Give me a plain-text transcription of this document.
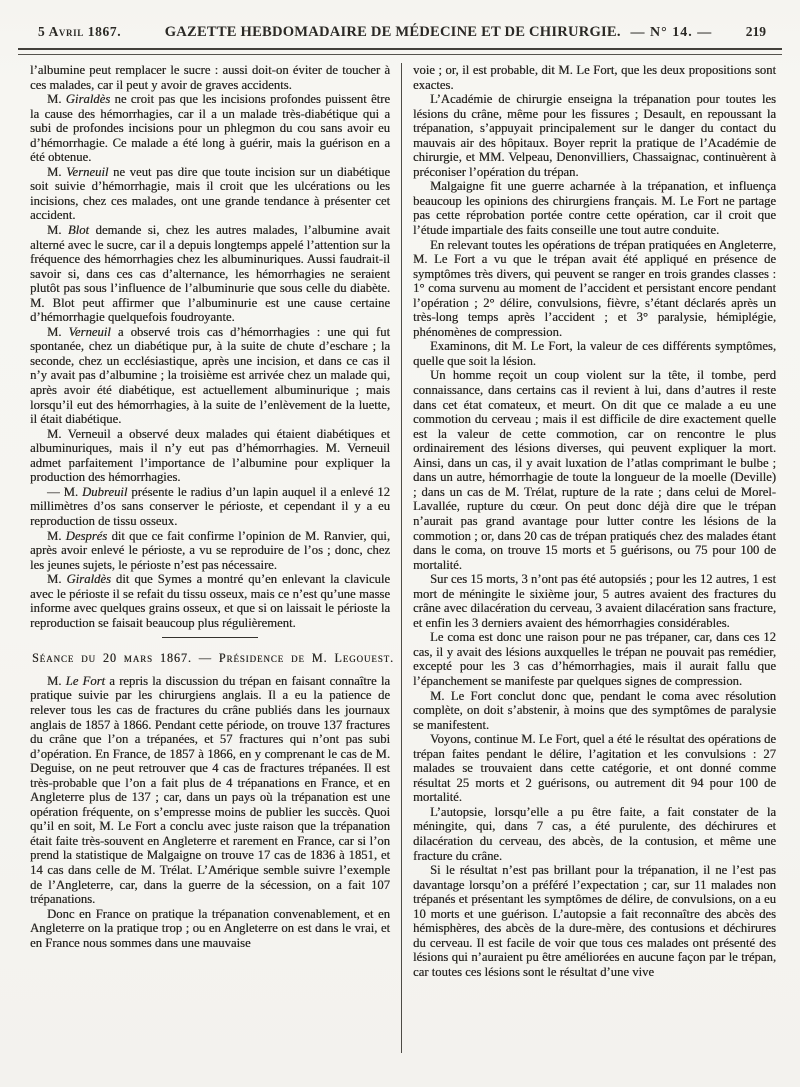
5 Avril 1867.	GAZETTE HEBDOMADAIRE DE MÉDECINE ET DE CHIRURGIE. — N° 14. —	219

l’albumine peut remplacer le sucre : aussi doit-on éviter de toucher à ces malades, car il peut y avoir de graves accidents.

M. Giraldès ne croit pas que les incisions profondes puissent être la cause des hémorrhagies, car il a un malade très-diabétique qui a subi de profondes incisions pour un phlegmon du cou sans avoir eu d’hémorrhagie. Ce malade a été long à guérir, mais la guérison en a été obtenue.

M. Verneuil ne veut pas dire que toute incision sur un diabétique soit suivie d’hémorrhagie, mais il croit que les ulcérations ou les incisions, chez ces malades, ont une grande tendance à présenter cet accident.

M. Blot demande si, chez les autres malades, l’albumine avait alterné avec le sucre, car il a depuis longtemps appelé l’attention sur la fréquence des hémorrhagies chez les albuminuriques. Aussi faudrait-il savoir si, dans ces cas d’alternance, les hémorrhagies ne seraient plutôt pas sous l’influence de l’albuminurie que sous celle du diabète. M. Blot peut affirmer que l’albuminurie est une cause certaine d’hémorrhagie quelquefois foudroyante.

M. Verneuil a observé trois cas d’hémorrhagies : une qui fut spontanée, chez un diabétique pur, à la suite de chute d’eschare ; la seconde, chez un ecclésiastique, après une incision, et dans ce cas il n’y avait pas d’albumine ; la troisième est arrivée chez un malade qui, après avoir été diabétique, est actuellement albuminurique ; mais lorsqu’il eut des hémorrhagies, à la suite de l’enlèvement de la luette, il était diabétique.

M. Verneuil a observé deux malades qui étaient diabétiques et albuminuriques, mais il n’y eut pas d’hémorrhagies. M. Verneuil admet parfaitement l’importance de l’albumine pour expliquer la production des hémorrhagies.

— M. Dubreuil présente le radius d’un lapin auquel il a enlevé 12 millimètres d’os sans conserver le périoste, et cependant il y a eu reproduction de tissu osseux.

M. Després dit que ce fait confirme l’opinion de M. Ranvier, qui, après avoir enlevé le périoste, a vu se reproduire de l’os ; donc, chez les jeunes sujets, le périoste n’est pas nécessaire.

M. Giraldès dit que Symes a montré qu’en enlevant la clavicule avec le périoste il se refait du tissu osseux, mais ce n’est qu’une masse informe avec quelques grains osseux, et que si on laissait le périoste la reproduction se faisait beaucoup plus régulièrement.

Séance du 20 mars 1867. — Présidence de M. Legouest.

M. Le Fort a repris la discussion du trépan en faisant connaître la pratique suivie par les chirurgiens anglais. Il a eu la patience de relever tous les cas de fractures du crâne publiés dans les journaux anglais de 1857 à 1866. Pendant cette période, on trouve 137 fractures du crâne que l’on a trépanées, et 57 fractures qui n’ont pas subi d’opération. En France, de 1857 à 1866, en y comprenant le cas de M. Deguise, on ne peut retrouver que 4 cas de fractures trépanées. Il est très-probable que l’on a fait plus de 4 trépanations en France, et en Angleterre plus de 137 ; car, dans un pays où la trépanation est une opération fréquente, on s’empresse moins de publier les succès. Quoi qu’il en soit, M. Le Fort a conclu avec juste raison que la trépanation était faite très-souvent en Angleterre et rarement en France, car si l’on prend la statistique de Malgaigne on trouve 17 cas de 1836 à 1851, et 14 cas dans celle de M. Trélat. L’Amérique semble suivre l’exemple de l’Angleterre, car, dans la guerre de la sécession, on a fait 107 trépanations.

Donc en France on pratique la trépanation convenablement, et en Angleterre on la pratique trop ; ou en Angleterre on est dans le vrai, et en France nous sommes dans une mauvaise

voie ; or, il est probable, dit M. Le Fort, que les deux propositions sont exactes.

L’Académie de chirurgie enseigna la trépanation pour toutes les lésions du crâne, même pour les fissures ; Desault, en repoussant la trépanation, s’appuyait principalement sur le danger du contact du mauvais air des hôpitaux. Boyer reprit la pratique de l’Académie de chirurgie, et MM. Velpeau, Denonvilliers, Chassaignac, continuèrent à préconiser l’opération du trépan.

Malgaigne fit une guerre acharnée à la trépanation, et influença beaucoup les opinions des chirurgiens français. M. Le Fort ne partage pas cette réprobation portée contre cette opération, car il croit que l’étude impartiale des faits conseille une tout autre conduite.

En relevant toutes les opérations de trépan pratiquées en Angleterre, M. Le Fort a vu que le trépan avait été appliqué en présence de symptômes très divers, qui peuvent se ranger en trois grandes classes : 1° coma survenu au moment de l’accident et persistant encore pendant l’opération ; 2° délire, convulsions, fièvre, s’étant déclarés après un très-long temps après l’accident ; et 3° paralysie, hémiplégie, phénomènes de compression.

Examinons, dit M. Le Fort, la valeur de ces différents symptômes, quelle que soit la lésion.

Un homme reçoit un coup violent sur la tête, il tombe, perd connaissance, dans certains cas il revient à lui, dans d’autres il reste dans cet état comateux, et meurt. On dit que ce malade a eu une commotion du cerveau ; mais il est difficile de dire exactement quelle est la valeur de cette commotion, car on rencontre le plus ordinairement des lésions diverses, qui peuvent expliquer la mort. Ainsi, dans un cas, il y avait luxation de l’atlas comprimant le bulbe ; dans un autre, hémorrhagie de toute la longueur de la moelle (Deville) ; dans un cas de M. Trélat, rupture de la rate ; dans celui de Morel-Lavallée, rupture du cœur. On peut donc déjà dire que le trépan n’aurait pas grand avantage pour lutter contre les lésions de la commotion ; or, dans 20 cas de trépan pratiqués chez des malades étant dans le coma, on trouve 15 morts et 5 guérisons, ou 75 pour 100 de mortalité.

Sur ces 15 morts, 3 n’ont pas été autopsiés ; pour les 12 autres, 1 est mort de méningite le sixième jour, 5 autres avaient des fractures du crâne avec dilacération du cerveau, 3 avaient dilacération sans fracture, et enfin les 3 derniers avaient des hémorrhagies considérables.

Le coma est donc une raison pour ne pas trépaner, car, dans ces 12 cas, il y avait des lésions auxquelles le trépan ne pouvait pas remédier, excepté pour les 3 cas d’hémorrhagies, mais il aurait fallu que l’épanchement se manifeste par quelques signes de compression.

M. Le Fort conclut donc que, pendant le coma avec résolution complète, on doit s’abstenir, à moins que des symptômes de paralysie se manifestent.

Voyons, continue M. Le Fort, quel a été le résultat des opérations de trépan faites pendant le délire, l’agitation et les convulsions : 27 malades se trouvaient dans cette catégorie, et ont donné comme résultat 25 morts et 2 guérisons, ou autrement dit 94 pour 100 de mortalité.

L’autopsie, lorsqu’elle a pu être faite, a fait constater de la méningite, qui, dans 7 cas, a été purulente, des déchirures et dilacération du cerveau, des abcès, de la contusion, et même une fracture du crâne.

Si le résultat n’est pas brillant pour la trépanation, il ne l’est pas davantage lorsqu’on a préféré l’expectation ; car, sur 11 malades non trépanés et présentant les symptômes de délire, de convulsions, on a eu 10 morts et une guérison. L’autopsie a fait reconnaître des abcès des hémisphères, des abcès de la dure-mère, des contusions et déchirures du cerveau. Il est facile de voir que tous ces malades ont présenté des lésions qui n’auraient pu être améliorées en aucune façon par le trépan, car toutes ces lésions sont le résultat d’une vive
